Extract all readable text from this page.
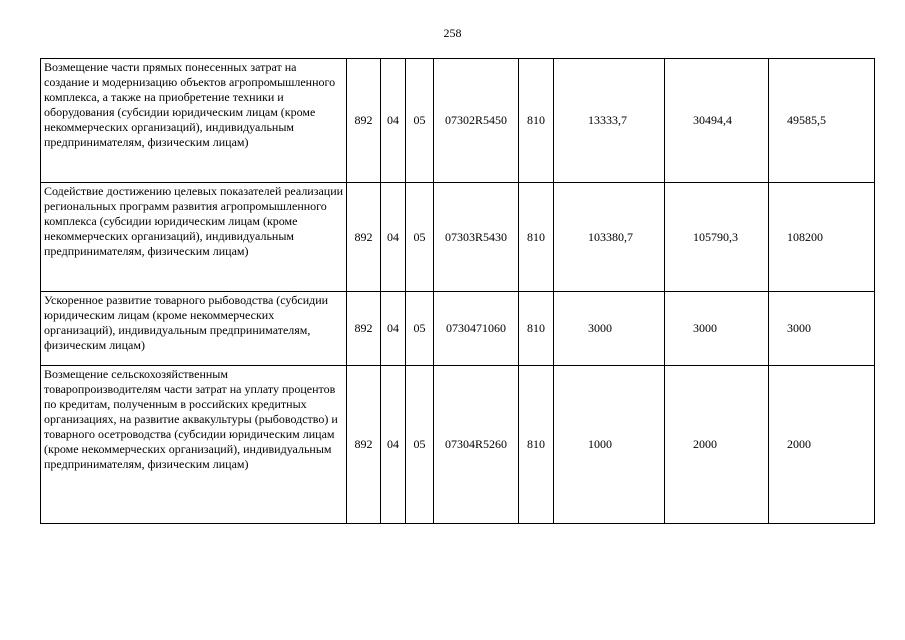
258
Возмещение части прямых понесенных затрат на создание и модернизацию объектов агропромышленного комплекса, а также на приобретение техники и оборудования (субсидии юридическим лицам (кроме некоммерческих организаций), индивидуальным предпринимателям, физическим лицам)	892	04	05	07302R5450	810	13333,7	30494,4	49585,5
Содействие достижению целевых показателей реализации региональных программ развития агропромышленного комплекса (субсидии юридическим лицам (кроме некоммерческих организаций), индивидуальным предпринимателям, физическим лицам)	892	04	05	07303R5430	810	103380,7	105790,3	108200
Ускоренное развитие товарного рыбоводства (субсидии юридическим лицам (кроме некоммерческих организаций), индивидуальным предпринимателям, физическим лицам)	892	04	05	0730471060	810	3000	3000	3000
Возмещение сельскохозяйственным товаропроизводителям части затрат на уплату процентов по кредитам, полученным в российских кредитных организациях, на развитие аквакультуры (рыбоводство) и товарного осетроводства (субсидии юридическим лицам (кроме некоммерческих организаций), индивидуальным предпринимателям, физическим лицам)	892	04	05	07304R5260	810	1000	2000	2000
